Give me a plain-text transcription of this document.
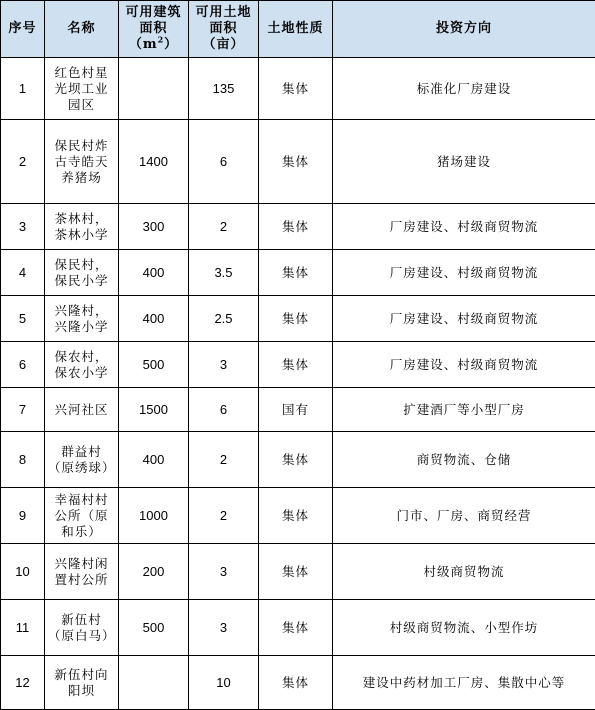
序号	名称	可用建筑面积$(m^2)$	可用土地面积（亩）	土地性质	投资方向
1	红色村星光坝工业园区		135	集体	标准化厂房建设
2	保民村炸古寺皓天养猪场	1400	6	集体	猪场建设
3	茶林村，茶林小学	300	2	集体	厂房建设、村级商贸物流
4	保民村，保民小学	400	3.5	集体	厂房建设、村级商贸物流
5	兴隆村，兴隆小学	400	2.5	集体	厂房建设、村级商贸物流
6	保农村，保农小学	500	3	集体	厂房建设、村级商贸物流
7	兴河社区	1500	6	国有	扩建酒厂等小型厂房
8	群益村（原绣球）	400	2	集体	商贸物流、仓储
9	幸福村村公所（原和乐）	1000	2	集体	门市、厂房、商贸经营
10	兴隆村闲置村公所	200	3	集体	村级商贸物流
11	新伍村（原白马）	500	3	集体	村级商贸物流、小型作坊
12	新伍村向阳坝		10	集体	建设中药材加工厂房、集散中心等
